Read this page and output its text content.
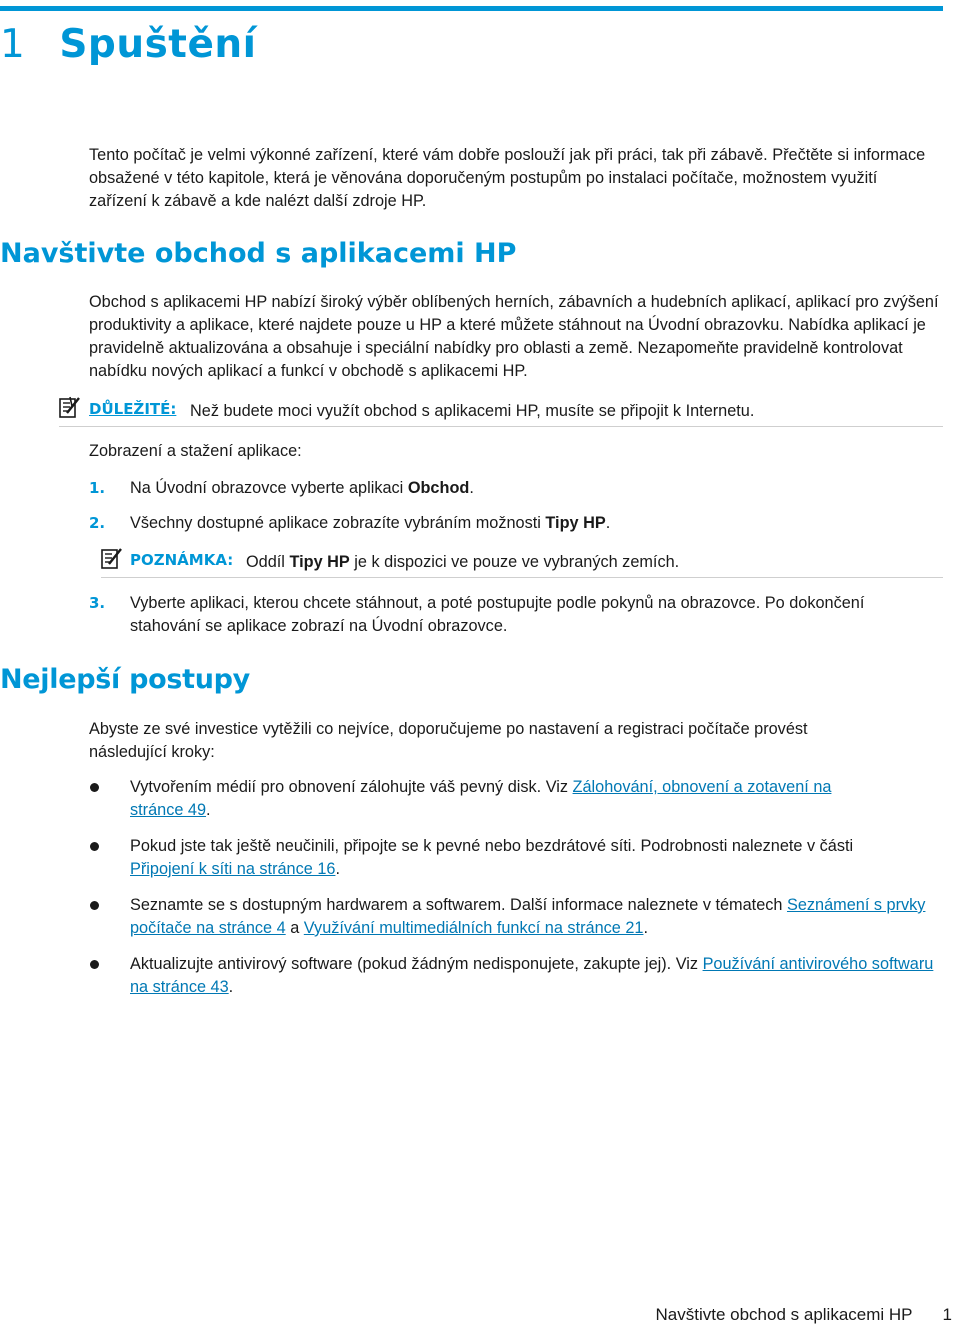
1 Spuštění

Tento počítač je velmi výkonné zařízení, které vám dobře poslouží jak při práci, tak při zábavě. Přečtěte si informace obsažené v této kapitole, která je věnována doporučeným postupům po instalaci počítače, možnostem využití zařízení k zábavě a kde nalézt další zdroje HP.

Navštivte obchod s aplikacemi HP

Obchod s aplikacemi HP nabízí široký výběr oblíbených herních, zábavních a hudebních aplikací, aplikací pro zvýšení produktivity a aplikace, které najdete pouze u HP a které můžete stáhnout na Úvodní obrazovku. Nabídka aplikací je pravidelně aktualizována a obsahuje i speciální nabídky pro oblasti a země. Nezapomeňte pravidelně kontrolovat nabídku nových aplikací a funkcí v obchodě s aplikacemi HP.

DŮLEŽITÉ: Než budete moci využít obchod s aplikacemi HP, musíte se připojit k Internetu.

Zobrazení a stažení aplikace:

1. Na Úvodní obrazovce vyberte aplikaci Obchod.

2. Všechny dostupné aplikace zobrazíte vybráním možnosti Tipy HP.

POZNÁMKA: Oddíl Tipy HP je k dispozici ve pouze ve vybraných zemích.
3. Vyberte aplikaci, kterou chcete stáhnout, a poté postupujte podle pokynů na obrazovce. Po dokončení stahování se aplikace zobrazí na Úvodní obrazovce.

Nejlepší postupy

Abyste ze své investice vytěžili co nejvíce, doporučujeme po nastavení a registraci počítače provést následující kroky:

Vytvořením médií pro obnovení zálohujte váš pevný disk. Viz Zálohování, obnovení a zotavení na stránce 49.

Pokud jste tak ještě neučinili, připojte se k pevné nebo bezdrátové síti. Podrobnosti naleznete v části Připojení k síti na stránce 16.

Seznamte se s dostupným hardwarem a softwarem. Další informace naleznete v tématech Seznámení s prvky počítače na stránce 4 a Využívání multimediálních funkcí na stránce 21.

Aktualizujte antivirový software (pokud žádným nedisponujete, zakupte jej). Viz Používání antivirového softwaru na stránce 43.

Navštivte obchod s aplikacemi HP 1
